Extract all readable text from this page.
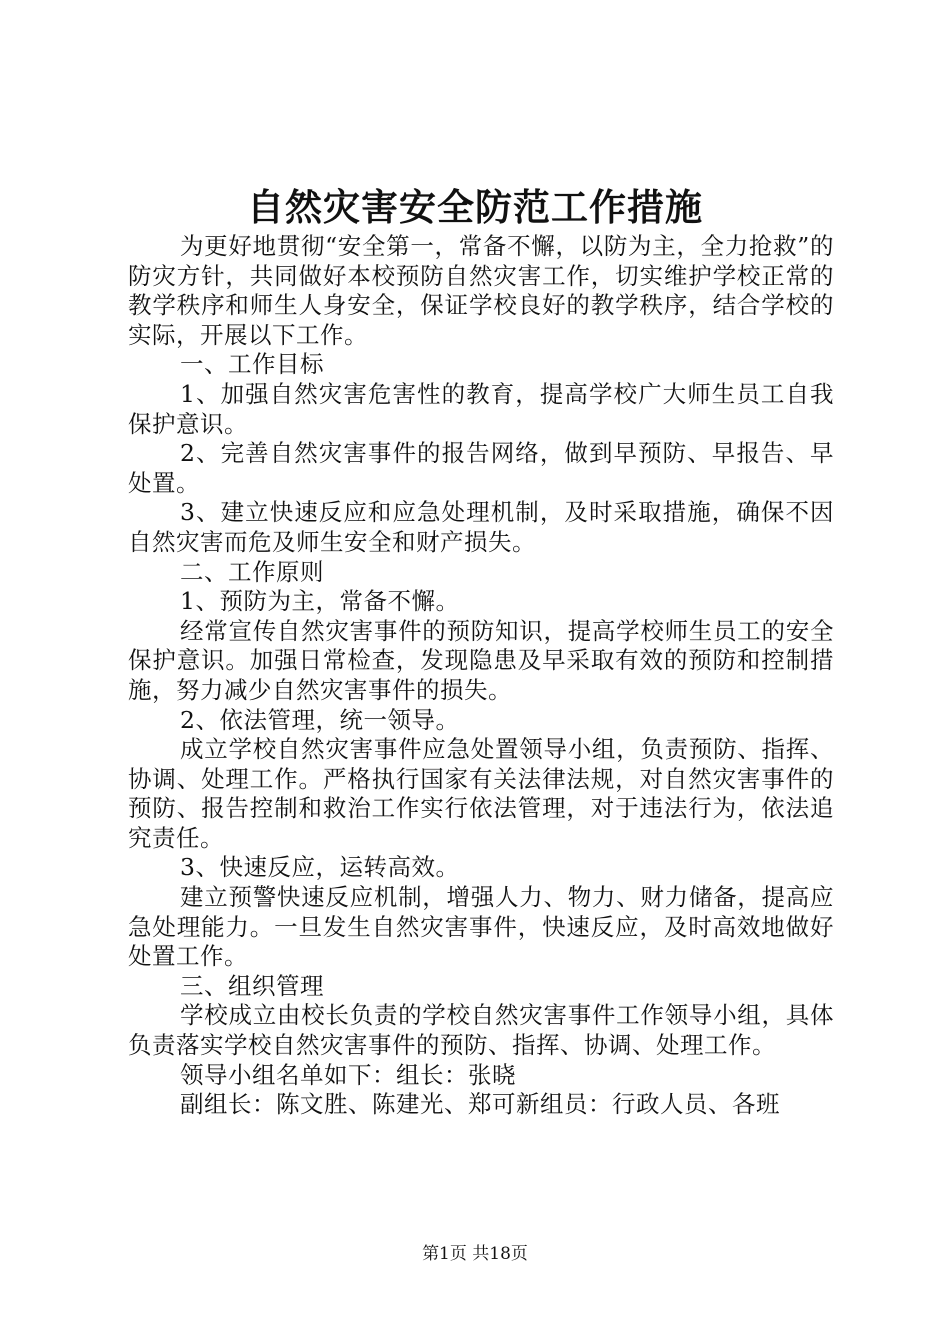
自然灾害安全防范工作措施

为更好地贯彻“安全第一，常备不懈，以防为主，全力抢救”的防灾方针，共同做好本校预防自然灾害工作，切实维护学校正常的教学秩序和师生人身安全，保证学校良好的教学秩序，结合学校的实际，开展以下工作。

一、工作目标

1、加强自然灾害危害性的教育，提高学校广大师生员工自我保护意识。

2、完善自然灾害事件的报告网络，做到早预防、早报告、早处置。

3、建立快速反应和应急处理机制，及时采取措施，确保不因自然灾害而危及师生安全和财产损失。

二、工作原则

1、预防为主，常备不懈。

经常宣传自然灾害事件的预防知识，提高学校师生员工的安全保护意识。加强日常检查，发现隐患及早采取有效的预防和控制措施，努力减少自然灾害事件的损失。

2、依法管理，统一领导。

成立学校自然灾害事件应急处置领导小组，负责预防、指挥、协调、处理工作。严格执行国家有关法律法规，对自然灾害事件的预防、报告控制和救治工作实行依法管理，对于违法行为，依法追究责任。

3、快速反应，运转高效。

建立预警快速反应机制，增强人力、物力、财力储备，提高应急处理能力。一旦发生自然灾害事件，快速反应，及时高效地做好处置工作。

三、组织管理

学校成立由校长负责的学校自然灾害事件工作领导小组，具体负责落实学校自然灾害事件的预防、指挥、协调、处理工作。

领导小组名单如下：组长：张晓

副组长：陈文胜、陈建光、郑可新组员：行政人员、各班

第1页 共18页
